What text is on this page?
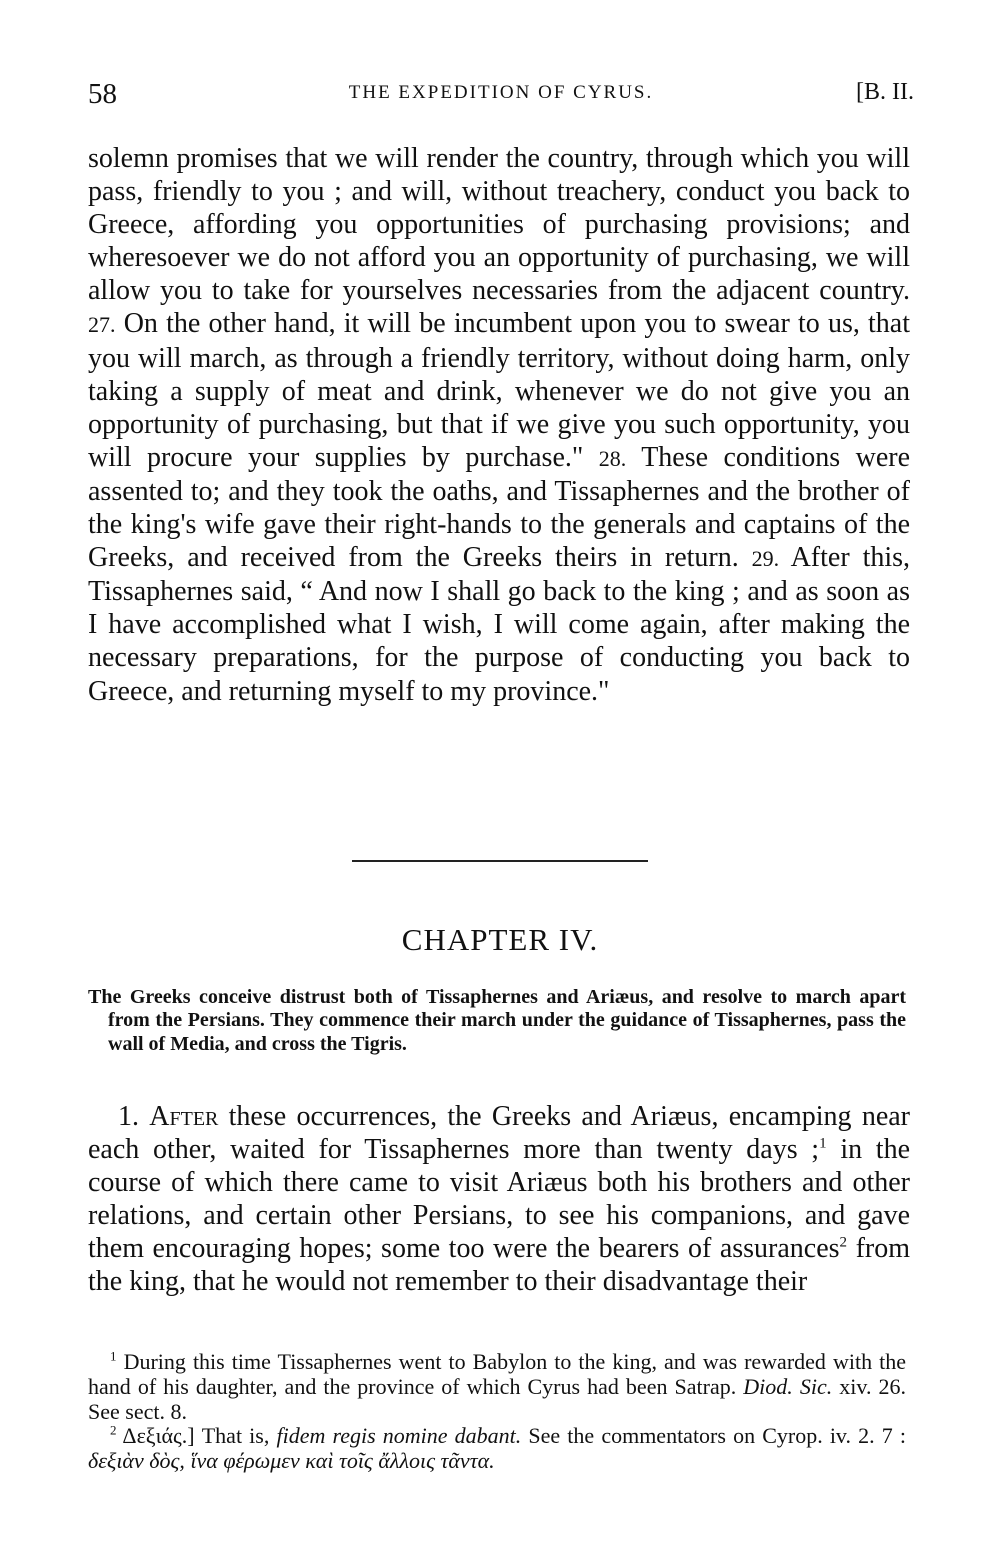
58	THE EXPEDITION OF CYRUS.	[B. II.
solemn promises that we will render the country, through which you will pass, friendly to you ; and will, without treachery, conduct you back to Greece, affording you opportunities of purchasing provisions; and wheresoever we do not afford you an opportunity of purchasing, we will allow you to take for yourselves necessaries from the adjacent country. 27. On the other hand, it will be incumbent upon you to swear to us, that you will march, as through a friendly territory, without doing harm, only taking a supply of meat and drink, whenever we do not give you an opportunity of purchasing, but that if we give you such opportunity, you will procure your supplies by purchase." 28. These conditions were assented to; and they took the oaths, and Tissaphernes and the brother of the king's wife gave their right-hands to the generals and captains of the Greeks, and received from the Greeks theirs in return. 29. After this, Tissaphernes said, “ And now I shall go back to the king ; and as soon as I have accomplished what I wish, I will come again, after making the necessary preparations, for the purpose of conducting you back to Greece, and returning myself to my province."
CHAPTER IV.
The Greeks conceive distrust both of Tissaphernes and Ariæus, and resolve to march apart from the Persians. They commence their march under the guidance of Tissaphernes, pass the wall of Media, and cross the Tigris.
1. After these occurrences, the Greeks and Ariæus, encamping near each other, waited for Tissaphernes more than twenty days ;$^1$ in the course of which there came to visit Ariæus both his brothers and other relations, and certain other Persians, to see his companions, and gave them encouraging hopes; some too were the bearers of assurances$^2$ from the king, that he would not remember to their disadvantage their

$^1$ During this time Tissaphernes went to Babylon to the king, and was rewarded with the hand of his daughter, and the province of which Cyrus had been Satrap. Diod. Sic. xiv. 26. See sect. 8.

$^2$ Δεξιάς.] That is, fidem regis nomine dabant. See the commentators on Cyrop. iv. 2. 7 : δεξιὰν δὸς, ἵνα φέρωμεν καὶ τοῖς ἄλλοις τᾶντα.
